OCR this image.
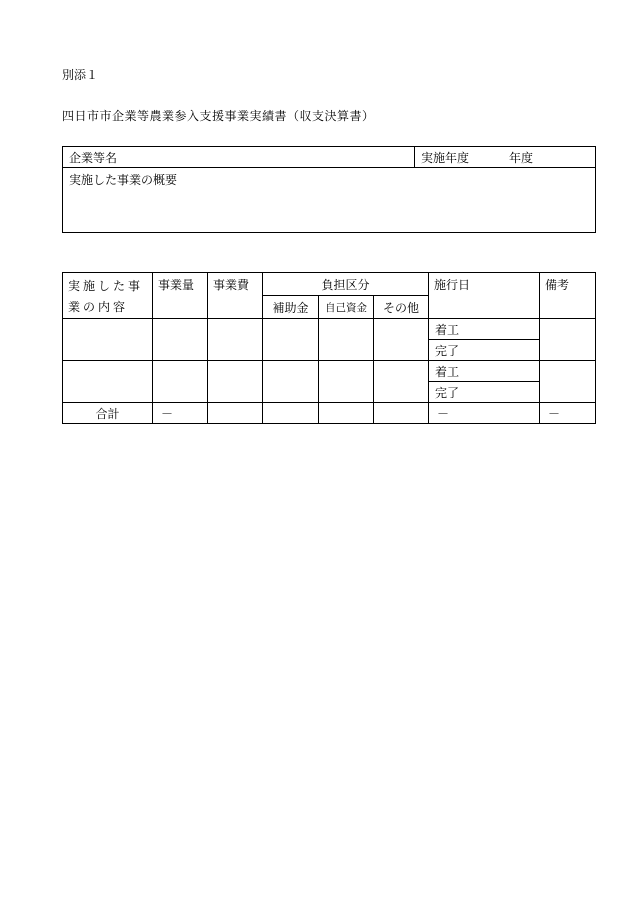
別添１
四日市市企業等農業参入支援事業実績書（収支決算書）
企業等名	実施年度	年度
実施した事業の概要
実施した事業の内容	事業量	事業費	負担区分			施行日	備考
			補助金	自己資金	その他		
						着工	
						完了	
						着工	
						完了	
合計	－					－	－
